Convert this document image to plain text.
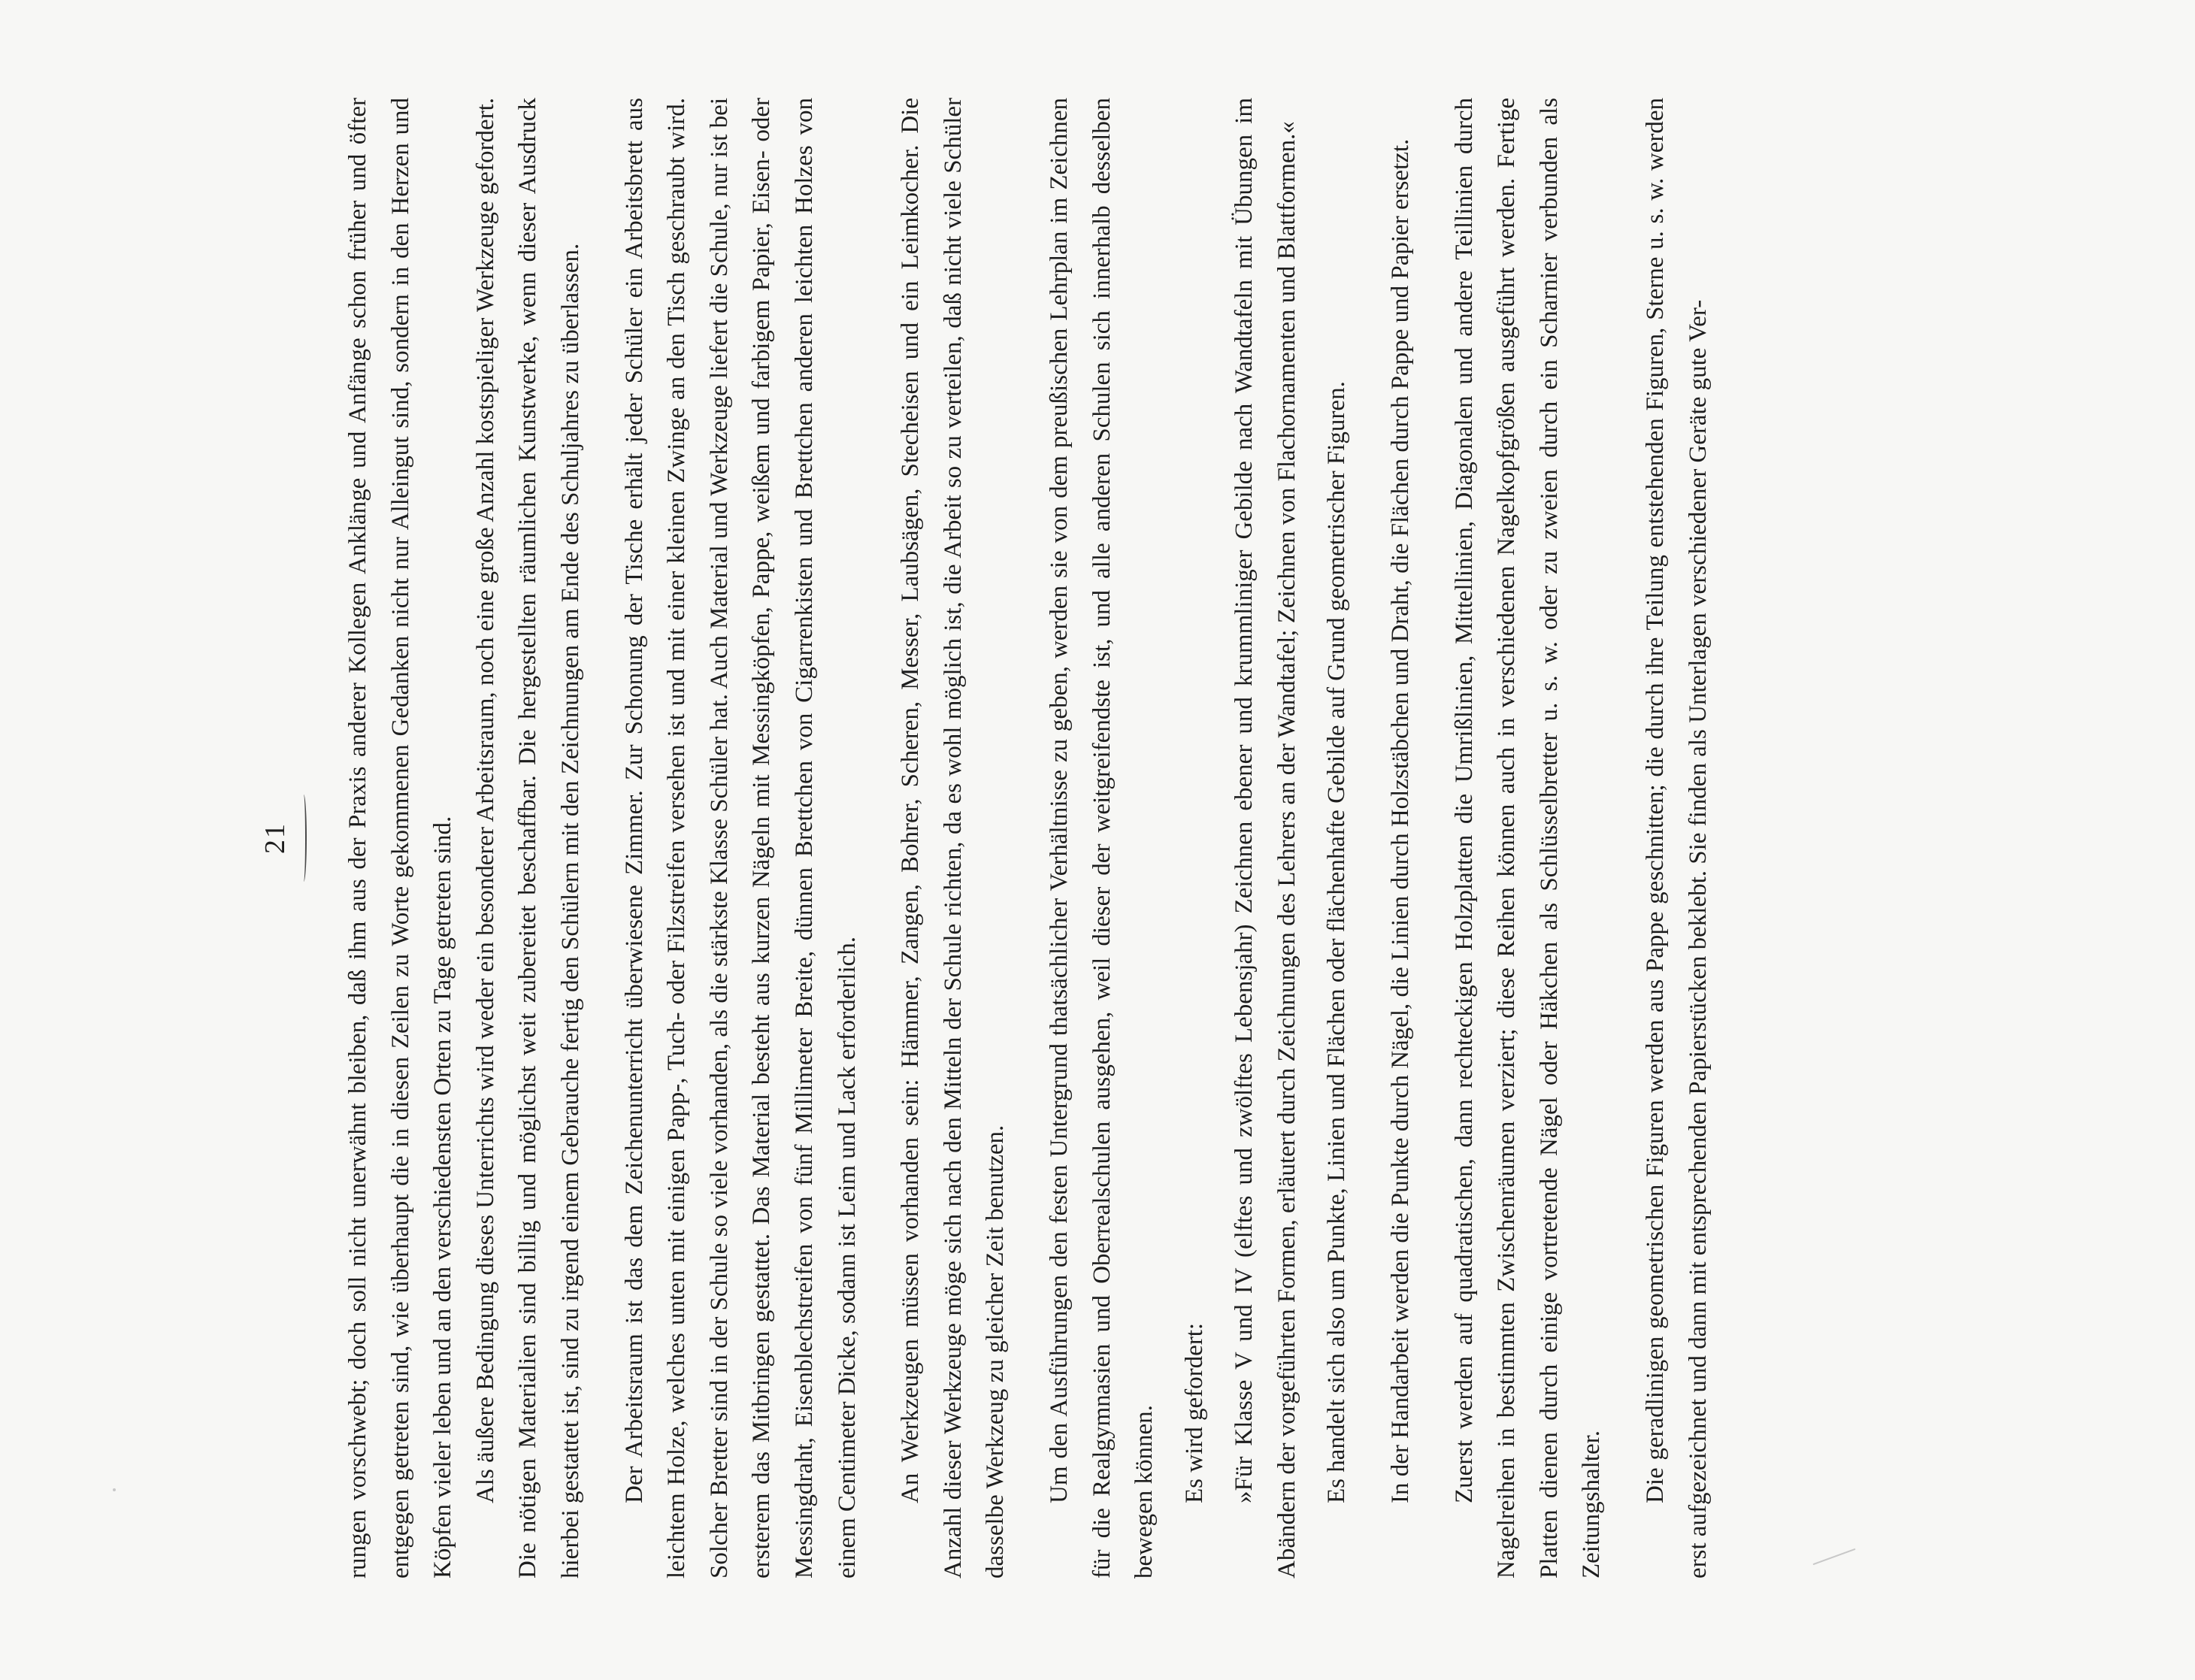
21	rungen vorschwebt; doch soll nicht unerwähnt bleiben, daß ihm aus der Praxis anderer Kollegen Anklänge und Anfänge schon früher und öfter entgegen getreten sind, wie überhaupt die in diesen Zeilen zu Worte gekommenen Gedanken nicht nur Alleingut sind, sondern in den Herzen und Köpfen vieler leben und an den verschiedensten Orten zu Tage getreten sind. Als äußere Bedingung dieses Unterrichts wird weder ein besonderer Arbeitsraum, noch eine große Anzahl kostspieliger Werkzeuge gefordert. Die nötigen Materialien sind billig und möglichst weit zubereitet beschaffbar. Die hergestellten räumlichen Kunstwerke, wenn dieser Ausdruck hierbei gestattet ist, sind zu irgend einem Gebrauche fertig den Schülern mit den Zeichnungen am Ende des Schuljahres zu überlassen.	Der Arbeitsraum ist das dem Zeichenunterricht überwiesene Zimmer. Zur Schonung der Tische erhält jeder Schüler ein Arbeitsbrett aus leichtem Holze, welches unten mit einigen Papp-, Tuch- oder Filzstreifen versehen ist und mit einer kleinen Zwinge an den Tisch geschraubt wird. Solcher Bretter sind in der Schule so viele vorhanden, als die stärkste Klasse Schüler hat. Auch Material und Werkzeuge liefert die Schule, nur ist bei ersterem das Mitbringen gestattet. Das Material besteht aus kurzen Nägeln mit Messingköpfen, Pappe, weißem und farbigem Papier, Eisen- oder Messingdraht, Eisenblechstreifen von fünf Millimeter Breite, dünnen Brettchen von Cigarrenkisten und Brettchen anderen leichten Holzes von einem Centimeter Dicke, sodann ist Leim und Lack erforderlich.	An Werkzeugen müssen vorhanden sein: Hämmer, Zangen, Bohrer, Scheren, Messer, Laubsägen, Stecheisen und ein Leimkocher. Die Anzahl dieser Werkzeuge möge sich nach den Mitteln der Schule richten, da es wohl möglich ist, die Arbeit so zu verteilen, daß nicht viele Schüler dasselbe Werkzeug zu gleicher Zeit benutzen.	Um den Ausführungen den festen Untergrund thatsächlicher Verhältnisse zu geben, werden sie von dem preußischen Lehrplan im Zeichnen für die Realgymnasien und Oberrealschulen ausgehen, weil dieser der weitgreifendste ist, und alle anderen Schulen sich innerhalb desselben bewegen können. Es wird gefordert: »Für Klasse V und IV (elftes und zwölftes Lebensjahr) Zeichnen ebener und krummliniger Gebilde nach Wandtafeln mit Übungen im Abändern der vorgeführten Formen, erläutert durch Zeichnungen des Lehrers an der Wandtafel; Zeichnen von Flachornamenten und Blattformen.« Es handelt sich also um Punkte, Linien und Flächen oder flächenhafte Gebilde auf Grund geometrischer Figuren.	In der Handarbeit werden die Punkte durch Nägel, die Linien durch Holzstäbchen und Draht, die Flächen durch Pappe und Papier ersetzt.	Zuerst werden auf quadratischen, dann rechteckigen Holzplatten die Umrißlinien, Mittellinien, Diagonalen und andere Teillinien durch Nagelreihen in bestimmten Zwischenräumen verziert; diese Reihen können auch in verschiedenen Nagelkopfgrößen ausgeführt werden. Fertige Platten dienen durch einige vortretende Nägel oder Häkchen als Schlüsselbretter u. s. w. oder zu zweien durch ein Scharnier verbunden als Zeitungshalter.

Die geradlinigen geometrischen Figuren werden aus Pappe geschnitten; die durch ihre Teilung entstehenden Figuren, Sterne u. s. w. werden erst aufgezeichnet und dann mit entsprechenden Papierstücken beklebt. Sie finden als Unterlagen verschiedener Geräte gute Ver-
